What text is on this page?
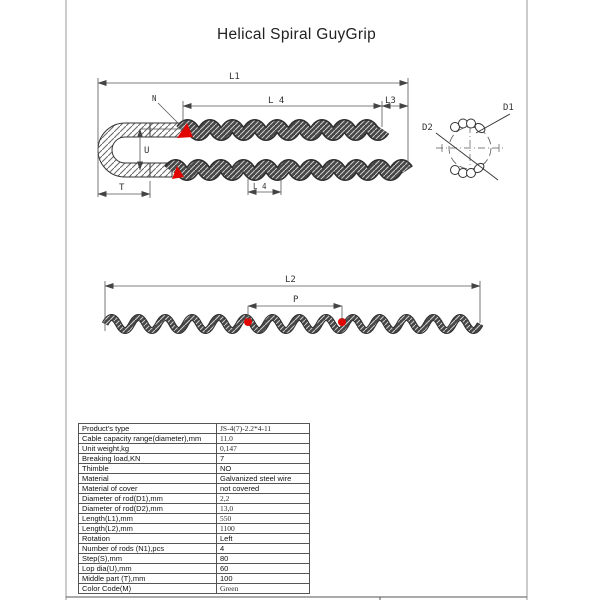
Helical Spiral GuyGrip
L1
L 4	L3
N
U
T	L 4
D1
D2
L2
P
Product's type	JS-4(7)-2.2*4-11
Cable capacity range(diameter),mm	11.0
Unit weight,kg	0,147
Breaking load,KN	7
Thimble	NO
Material	Galvanized steel wire
Material of cover	not covered
Diameter of rod(D1),mm	2,2
Diameter of rod(D2),mm	13,0
Length(L1),mm	550
Length(L2),mm	1100
Rotation	Left
Number of rods (N1),pcs	4
Step(S),mm	80
Lop dia(U),mm	60
Middle part (T),mm	100
Color Code(M)	Green
